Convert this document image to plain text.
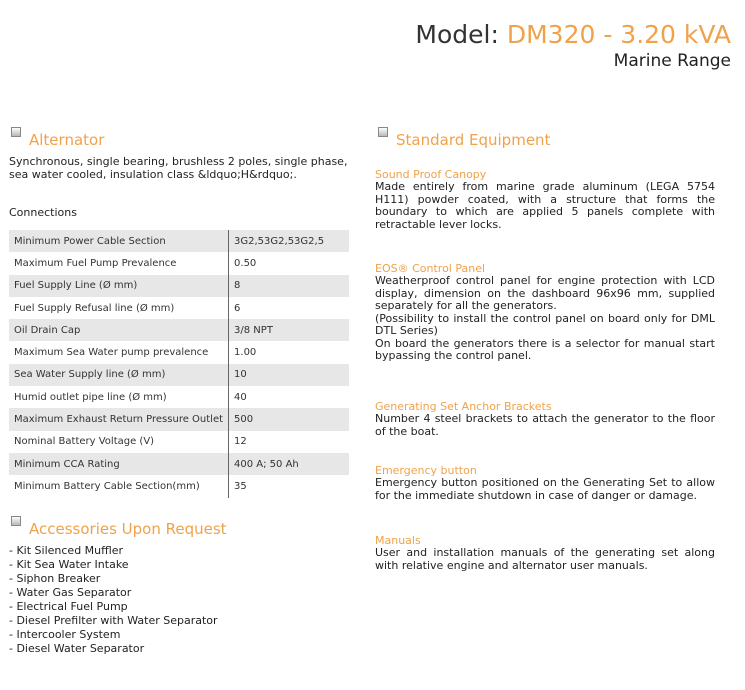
Model: DM320 - 3.20 kVA
Marine Range
Alternator
Synchronous, single bearing, brushless 2 poles, single phase, sea water cooled, insulation class &ldquo;H&rdquo;.
Connections
Minimum Power Cable Section	3G2,53G2,53G2,5
Maximum Fuel Pump Prevalence	0.50
Fuel Supply Line (Ø mm)	8
Fuel Supply Refusal line (Ø mm)	6
Oil Drain Cap	3/8 NPT
Maximum Sea Water pump prevalence	1.00
Sea Water Supply line (Ø mm)	10
Humid outlet pipe line (Ø mm)	40
Maximum Exhaust Return Pressure Outlet	500
Nominal Battery Voltage (V)	12
Minimum CCA Rating	400 A; 50 Ah
Minimum Battery Cable Section(mm)	35
Accessories Upon Request
- Kit Silenced Muffler
- Kit Sea Water Intake
- Siphon Breaker
- Water Gas Separator
- Electrical Fuel Pump
- Diesel Prefilter with Water Separator
- Intercooler System
- Diesel Water Separator
Standard Equipment
Sound Proof Canopy
Made entirely from marine grade aluminum (LEGA 5754 H111) powder coated, with a structure that forms the boundary to which are applied 5 panels complete with retractable lever locks.
EOS® Control Panel
Weatherproof control panel for engine protection with LCD display, dimension on the dashboard 96x96 mm, supplied separately for all the generators.
(Possibility to install the control panel on board only for DML DTL Series)
On board the generators there is a selector for manual start bypassing the control panel.
Generating Set Anchor Brackets
Number 4 steel brackets to attach the generator to the floor of the boat.
Emergency button
Emergency button positioned on the Generating Set to allow for the immediate shutdown in case of danger or damage.
Manuals
User and installation manuals of the generating set along with relative engine and alternator user manuals.
